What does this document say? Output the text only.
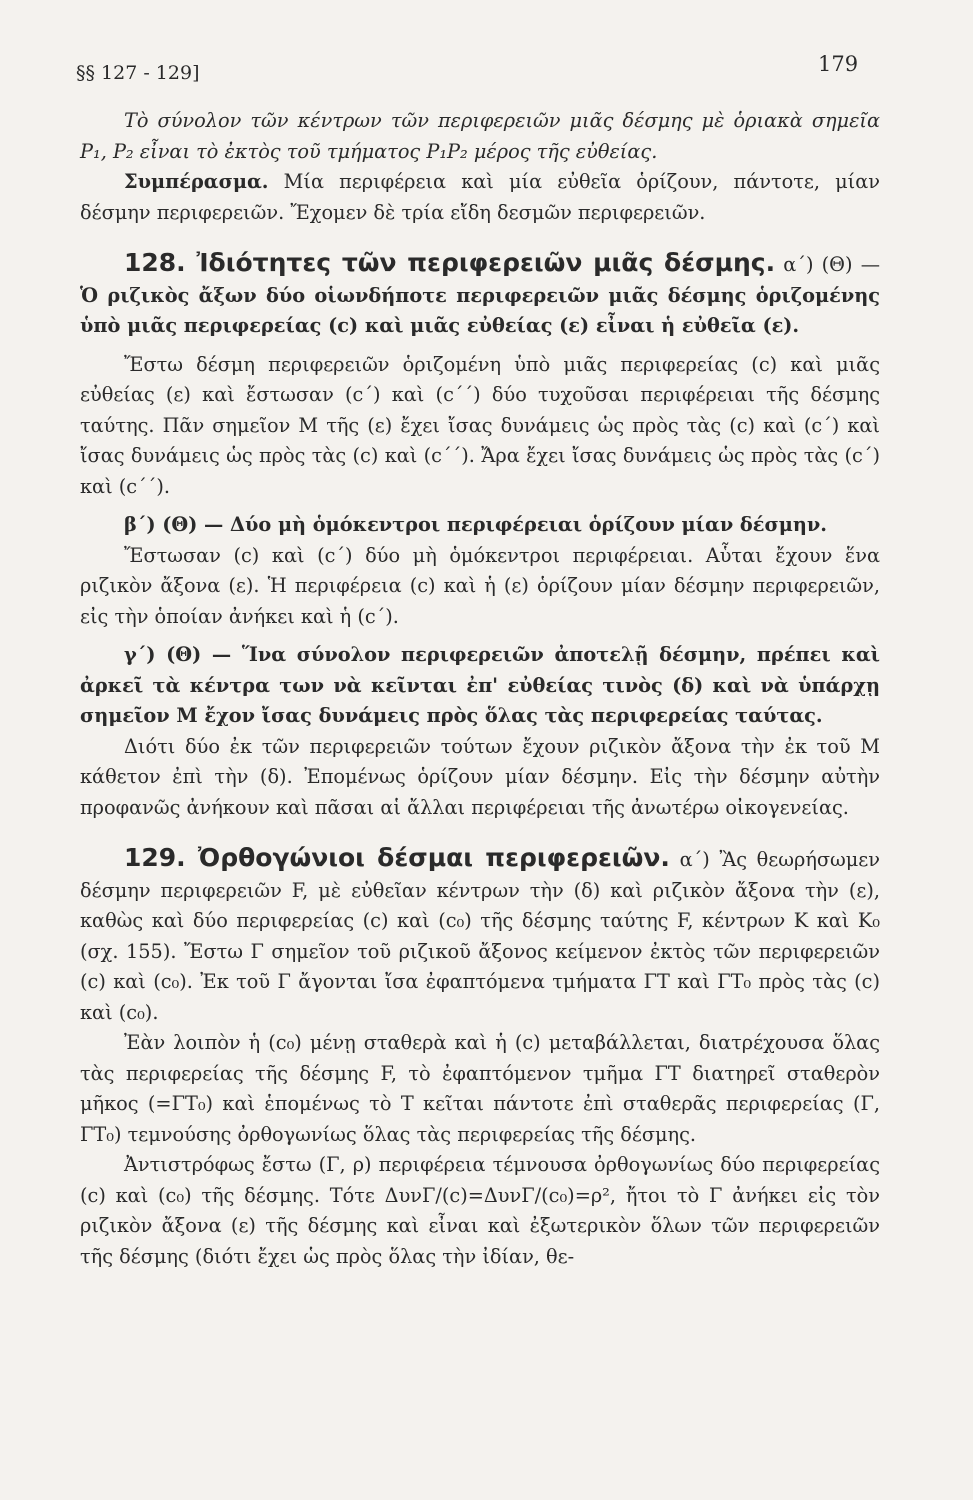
§§ 127 - 129]	179

Τὸ σύνολον τῶν κέντρων τῶν περιφερειῶν μιᾶς δέσμης μὲ ὁριακὰ σημεῖα P₁, P₂ εἶναι τὸ ἐκτὸς τοῦ τμήματος P₁P₂ μέρος τῆς εὐθείας.

Συμπέρασμα. Μία περιφέρεια καὶ μία εὐθεῖα ὁρίζουν, πάντοτε, μίαν δέσμην περιφερειῶν. Ἔχομεν δὲ τρία εἴδη δεσμῶν περιφερειῶν.

128. Ἰδιότητες τῶν περιφερειῶν μιᾶς δέσμης. α΄) (Θ) — Ὁ ριζικὸς ἄξων δύο οἱωνδήποτε περιφερειῶν μιᾶς δέσμης ὁριζομένης ὑπὸ μιᾶς περιφερείας (c) καὶ μιᾶς εὐθείας (ε) εἶναι ἡ εὐθεῖα (ε).

Ἔστω δέσμη περιφερειῶν ὁριζομένη ὑπὸ μιᾶς περιφερείας (c) καὶ μιᾶς εὐθείας (ε) καὶ ἔστωσαν (c΄) καὶ (c΄΄) δύο τυχοῦσαι περιφέρειαι τῆς δέσμης ταύτης. Πᾶν σημεῖον Μ τῆς (ε) ἔχει ἴσας δυνάμεις ὡς πρὸς τὰς (c) καὶ (c΄) καὶ ἴσας δυνάμεις ὡς πρὸς τὰς (c) καὶ (c΄΄). Ἄρα ἔχει ἴσας δυνάμεις ὡς πρὸς τὰς (c΄) καὶ (c΄΄).

β΄) (Θ) — Δύο μὴ ὁμόκεντροι περιφέρειαι ὁρίζουν μίαν δέσμην.

Ἔστωσαν (c) καὶ (c΄) δύο μὴ ὁμόκεντροι περιφέρειαι. Αὗται ἔχουν ἕνα ριζικὸν ἄξονα (ε). Ἡ περιφέρεια (c) καὶ ἡ (ε) ὁρίζουν μίαν δέσμην περιφερειῶν, εἰς τὴν ὁποίαν ἀνήκει καὶ ἡ (c΄).

γ΄) (Θ) — Ἵνα σύνολον περιφερειῶν ἀποτελῇ δέσμην, πρέπει καὶ ἀρκεῖ τὰ κέντρα των νὰ κεῖνται ἐπ' εὐθείας τινὸς (δ) καὶ νὰ ὑπάρχῃ σημεῖον Μ ἔχον ἴσας δυνάμεις πρὸς ὅλας τὰς περιφερείας ταύτας.

Διότι δύο ἐκ τῶν περιφερειῶν τούτων ἔχουν ριζικὸν ἄξονα τὴν ἐκ τοῦ Μ κάθετον ἐπὶ τὴν (δ). Ἐπομένως ὁρίζουν μίαν δέσμην. Εἰς τὴν δέσμην αὐτὴν προφανῶς ἀνήκουν καὶ πᾶσαι αἱ ἄλλαι περιφέρειαι τῆς ἀνωτέρω οἰκογενείας.

129. Ὀρθογώνιοι δέσμαι περιφερειῶν. α΄) Ἂς θεωρήσωμεν δέσμην περιφερειῶν F, μὲ εὐθεῖαν κέντρων τὴν (δ) καὶ ριζικὸν ἄξονα τὴν (ε), καθὼς καὶ δύο περιφερείας (c) καὶ (c₀) τῆς δέσμης ταύτης F, κέντρων Κ καὶ Κ₀ (σχ. 155). Ἔστω Γ σημεῖον τοῦ ριζικοῦ ἄξονος κείμενον ἐκτὸς τῶν περιφερειῶν (c) καὶ (c₀). Ἐκ τοῦ Γ ἄγονται ἴσα ἐφαπτόμενα τμήματα ΓΤ καὶ ΓΤ₀ πρὸς τὰς (c) καὶ (c₀).

Ἐὰν λοιπὸν ἡ (c₀) μένῃ σταθερὰ καὶ ἡ (c) μεταβάλλεται, διατρέχουσα ὅλας τὰς περιφερείας τῆς δέσμης F, τὸ ἐφαπτόμενον τμῆμα ΓΤ διατηρεῖ σταθερὸν μῆκος (=ΓΤ₀) καὶ ἑπομένως τὸ Τ κεῖται πάντοτε ἐπὶ σταθερᾶς περιφερείας (Γ, ΓΤ₀) τεμνούσης ὀρθογωνίως ὅλας τὰς περιφερείας τῆς δέσμης.

Ἀντιστρόφως ἔστω (Γ, ρ) περιφέρεια τέμνουσα ὀρθογωνίως δύο περιφερείας (c) καὶ (c₀) τῆς δέσμης. Τότε ΔυνΓ/(c)=ΔυνΓ/(c₀)=ρ², ἤτοι τὸ Γ ἀνήκει εἰς τὸν ριζικὸν ἄξονα (ε) τῆς δέσμης καὶ εἶναι καὶ ἐξωτερικὸν ὅλων τῶν περιφερειῶν τῆς δέσμης (διότι ἔχει ὡς πρὸς ὅλας τὴν ἰδίαν, θε-
